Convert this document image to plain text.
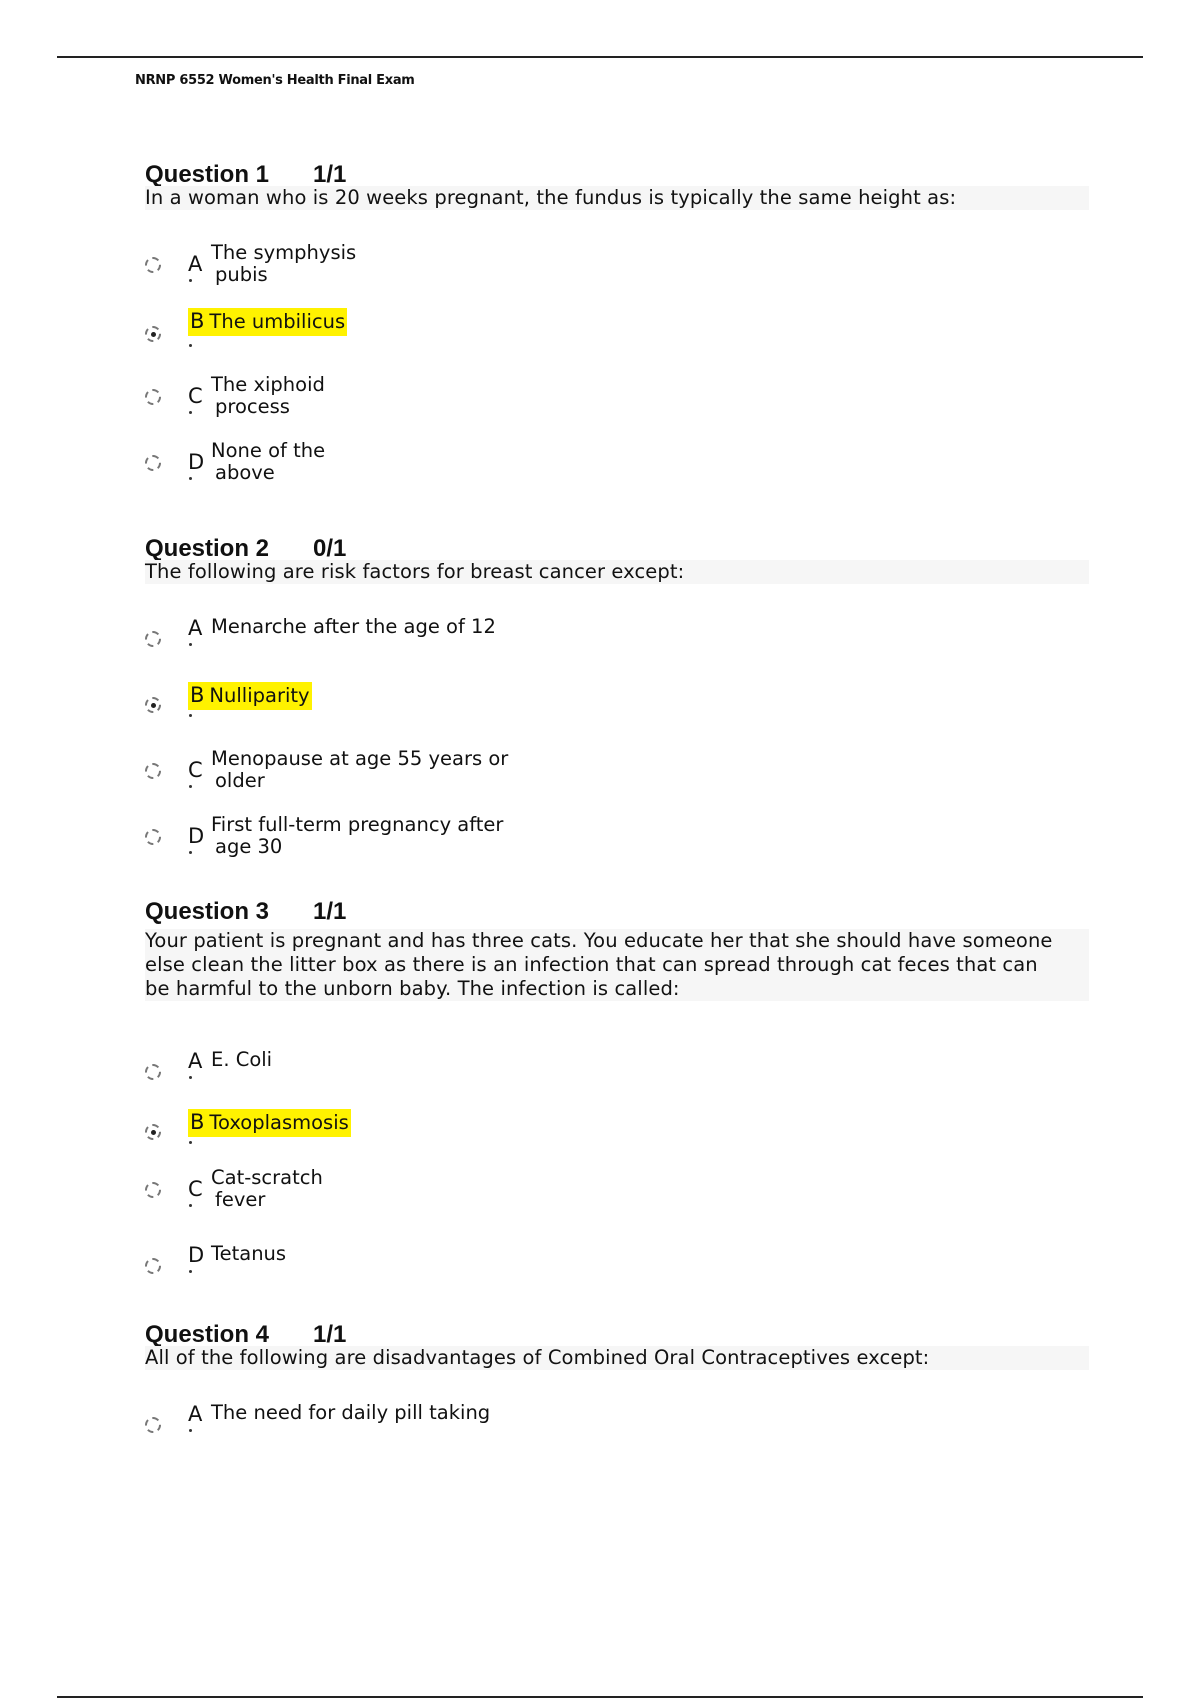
NRNP 6552 Women's Health Final Exam
Question 1 1/1
In a woman who is 20 weeks pregnant, the fundus is typically the same height as:
A The symphysis
pubis
B The umbilicus
C The xiphoid
process
D None of the
above
Question 2 0/1
The following are risk factors for breast cancer except:
A Menarche after the age of 12
B Nulliparity
C Menopause at age 55 years or
older
D First full-term pregnancy after
age 30
Question 3 1/1
Your patient is pregnant and has three cats. You educate her that she should have someone
else clean the litter box as there is an infection that can spread through cat feces that can
be harmful to the unborn baby. The infection is called:
A E. Coli
B Toxoplasmosis
C Cat-scratch
fever
D Tetanus
Question 4 1/1
All of the following are disadvantages of Combined Oral Contraceptives except:
A The need for daily pill taking
